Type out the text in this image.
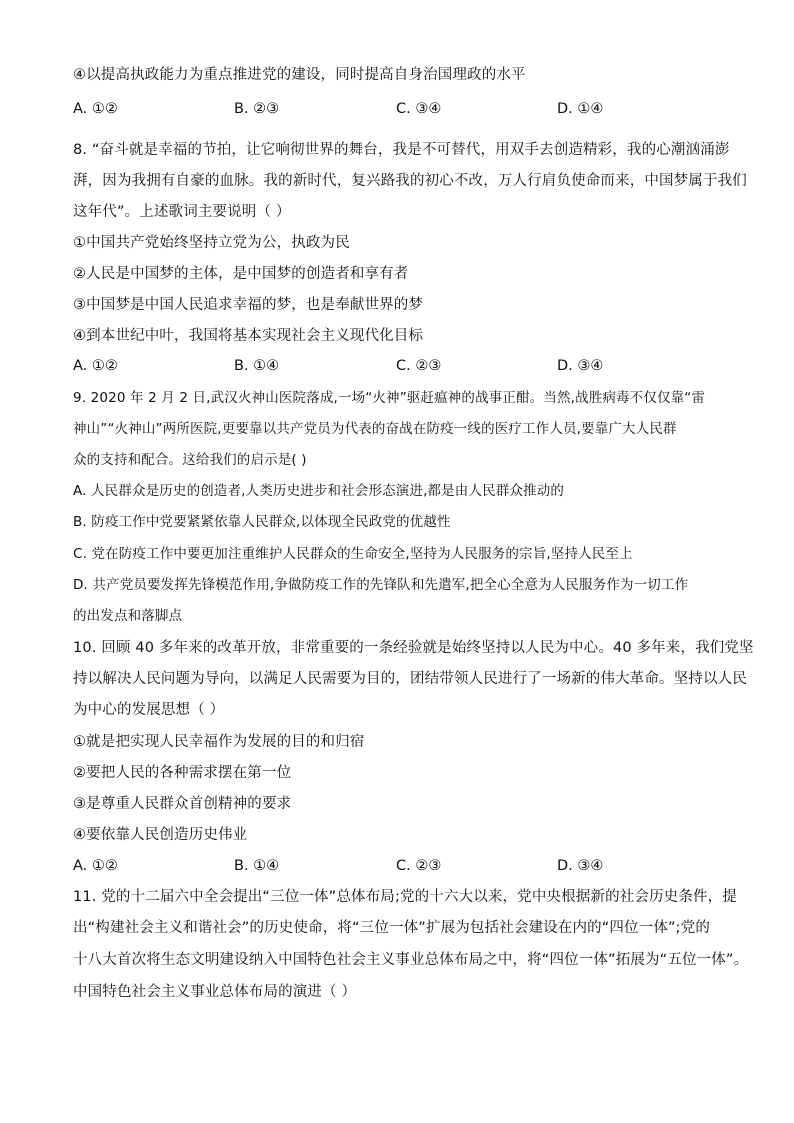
④以提高执政能力为重点推进党的建设，同时提高自身治国理政的水平
A. ①②	B. ②③	C. ③④	D. ①④
8. “奋斗就是幸福的节拍，让它响彻世界的舞台，我是不可替代，用双手去创造精彩，我的心潮汹涌澎
湃，因为我拥有自豪的血脉。我的新时代，复兴路我的初心不改，万人行肩负使命而来，中国梦属于我们
这年代”。上述歌词主要说明（ ）
①中国共产党始终坚持立党为公，执政为民
②人民是中国梦的主体，是中国梦的创造者和享有者
③中国梦是中国人民追求幸福的梦，也是奉献世界的梦
④到本世纪中叶，我国将基本实现社会主义现代化目标
A. ①②	B. ①④	C. ②③	D. ③④
9. 2020 年 2 月 2 日,武汉火神山医院落成,一场“火神”驱赶瘟神的战事正酣。当然,战胜病毒不仅仅靠“雷
神山”“火神山”两所医院,更要靠以共产党员为代表的奋战在防疫一线的医疗工作人员,要靠广大人民群
众的支持和配合。这给我们的启示是( )
A. 人民群众是历史的创造者,人类历史进步和社会形态演进,都是由人民群众推动的
B. 防疫工作中党要紧紧依靠人民群众,以体现全民政党的优越性
C. 党在防疫工作中要更加注重维护人民群众的生命安全,坚持为人民服务的宗旨,坚持人民至上
D. 共产党员要发挥先锋模范作用,争做防疫工作的先锋队和先遣军,把全心全意为人民服务作为一切工作
的出发点和落脚点
10. 回顾 40 多年来的改革开放，非常重要的一条经验就是始终坚持以人民为中心。40 多年来，我们党坚
持以解决人民问题为导向，以满足人民需要为目的，团结带领人民进行了一场新的伟大革命。坚持以人民
为中心的发展思想（ ）
①就是把实现人民幸福作为发展的目的和归宿
②要把人民的各种需求摆在第一位
③是尊重人民群众首创精神的要求
④要依靠人民创造历史伟业
A. ①②	B. ①④	C. ②③	D. ③④
11. 党的十二届六中全会提出“三位一体”总体布局;党的十六大以来，党中央根据新的社会历史条件，提
出“构建社会主义和谐社会”的历史使命，将“三位一体”扩展为包括社会建设在内的“四位一体”;党的
十八大首次将生态文明建设纳入中国特色社会主义事业总体布局之中，将“四位一体”拓展为“五位一体”。
中国特色社会主义事业总体布局的演进（ ）
